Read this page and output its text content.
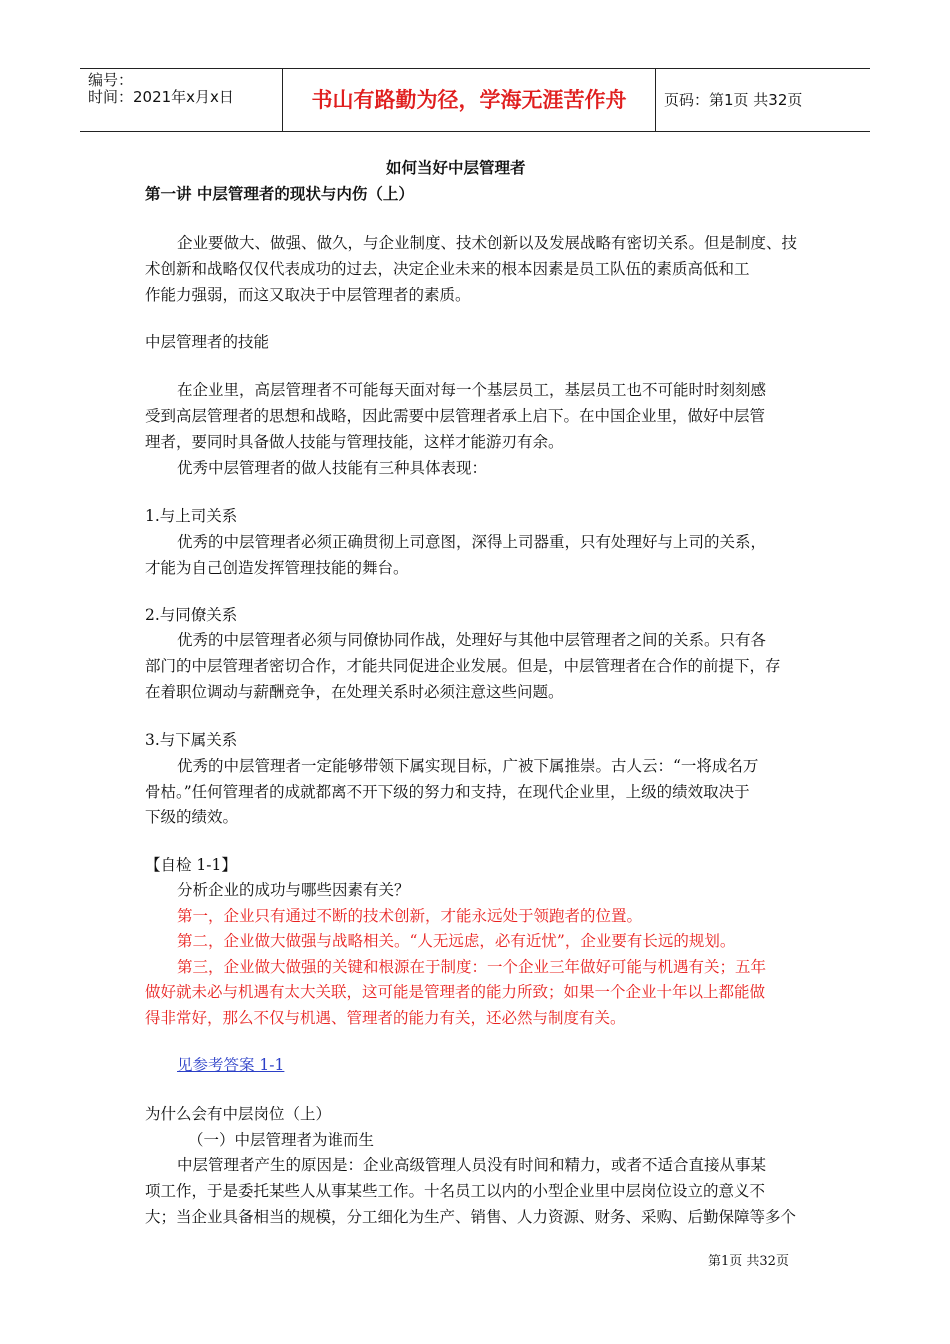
编号：
时间：2021年x月x日	书山有路勤为径，学海无涯苦作舟	页码：第1页 共32页
如何当好中层管理者
第一讲 中层管理者的现状与内伤（上）
企业要做大、做强、做久，与企业制度、技术创新以及发展战略有密切关系。但是制度、技
术创新和战略仅仅代表成功的过去，决定企业未来的根本因素是员工队伍的素质高低和工
作能力强弱，而这又取决于中层管理者的素质。
中层管理者的技能
在企业里，高层管理者不可能每天面对每一个基层员工，基层员工也不可能时时刻刻感
受到高层管理者的思想和战略，因此需要中层管理者承上启下。在中国企业里，做好中层管
理者，要同时具备做人技能与管理技能，这样才能游刃有余。
优秀中层管理者的做人技能有三种具体表现：
1.与上司关系
优秀的中层管理者必须正确贯彻上司意图，深得上司器重，只有处理好与上司的关系，
才能为自己创造发挥管理技能的舞台。
2.与同僚关系
优秀的中层管理者必须与同僚协同作战，处理好与其他中层管理者之间的关系。只有各
部门的中层管理者密切合作，才能共同促进企业发展。但是，中层管理者在合作的前提下，存
在着职位调动与薪酬竞争，在处理关系时必须注意这些问题。
3.与下属关系
优秀的中层管理者一定能够带领下属实现目标，广被下属推崇。古人云：“一将成名万
骨枯。”任何管理者的成就都离不开下级的努力和支持，在现代企业里，上级的绩效取决于
下级的绩效。
【自检 1-1】
分析企业的成功与哪些因素有关？
第一，企业只有通过不断的技术创新，才能永远处于领跑者的位置。
第二，企业做大做强与战略相关。“人无远虑，必有近忧”，企业要有长远的规划。
第三，企业做大做强的关键和根源在于制度：一个企业三年做好可能与机遇有关；五年
做好就未必与机遇有太大关联，这可能是管理者的能力所致；如果一个企业十年以上都能做
得非常好，那么不仅与机遇、管理者的能力有关，还必然与制度有关。
见参考答案 1-1
为什么会有中层岗位（上）
（一）中层管理者为谁而生
中层管理者产生的原因是：企业高级管理人员没有时间和精力，或者不适合直接从事某
项工作，于是委托某些人从事某些工作。十名员工以内的小型企业里中层岗位设立的意义不
大；当企业具备相当的规模，分工细化为生产、销售、人力资源、财务、采购、后勤保障等多个
第1页 共32页
